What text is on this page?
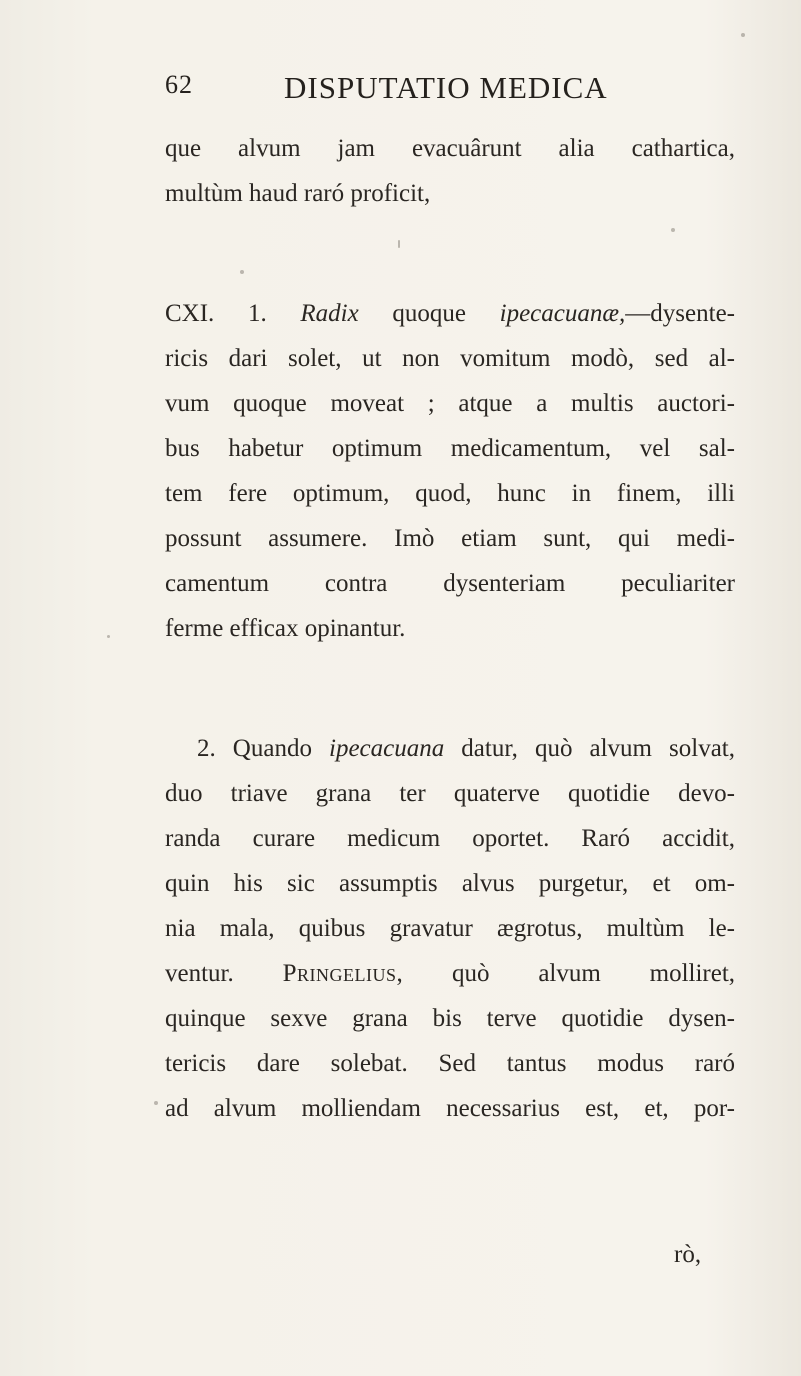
62	DISPUTATIO MEDICA
que alvum jam evacuârunt alia cathartica,
multùm haud raró proficit,
CXI. 1. Radix quoque ipecacuanæ,—dysente-
ricis dari solet, ut non vomitum modò, sed al-
vum quoque moveat ; atque a multis auctori-
bus habetur optimum medicamentum, vel sal-
tem fere optimum, quod, hunc in finem, illi
possunt assumere. Imò etiam sunt, qui medi-
camentum contra dysenteriam peculiariter
ferme efficax opinantur.
2. Quando ipecacuana datur, quò alvum solvat,
duo triave grana ter quaterve quotidie devo-
randa curare medicum oportet. Raró accidit,
quin his sic assumptis alvus purgetur, et om-
nia mala, quibus gravatur ægrotus, multùm le-
ventur. Pringelius, quò alvum molliret,
quinque sexve grana bis terve quotidie dysen-
tericis dare solebat. Sed tantus modus raró
ad alvum molliendam necessarius est, et, por-
rò,
